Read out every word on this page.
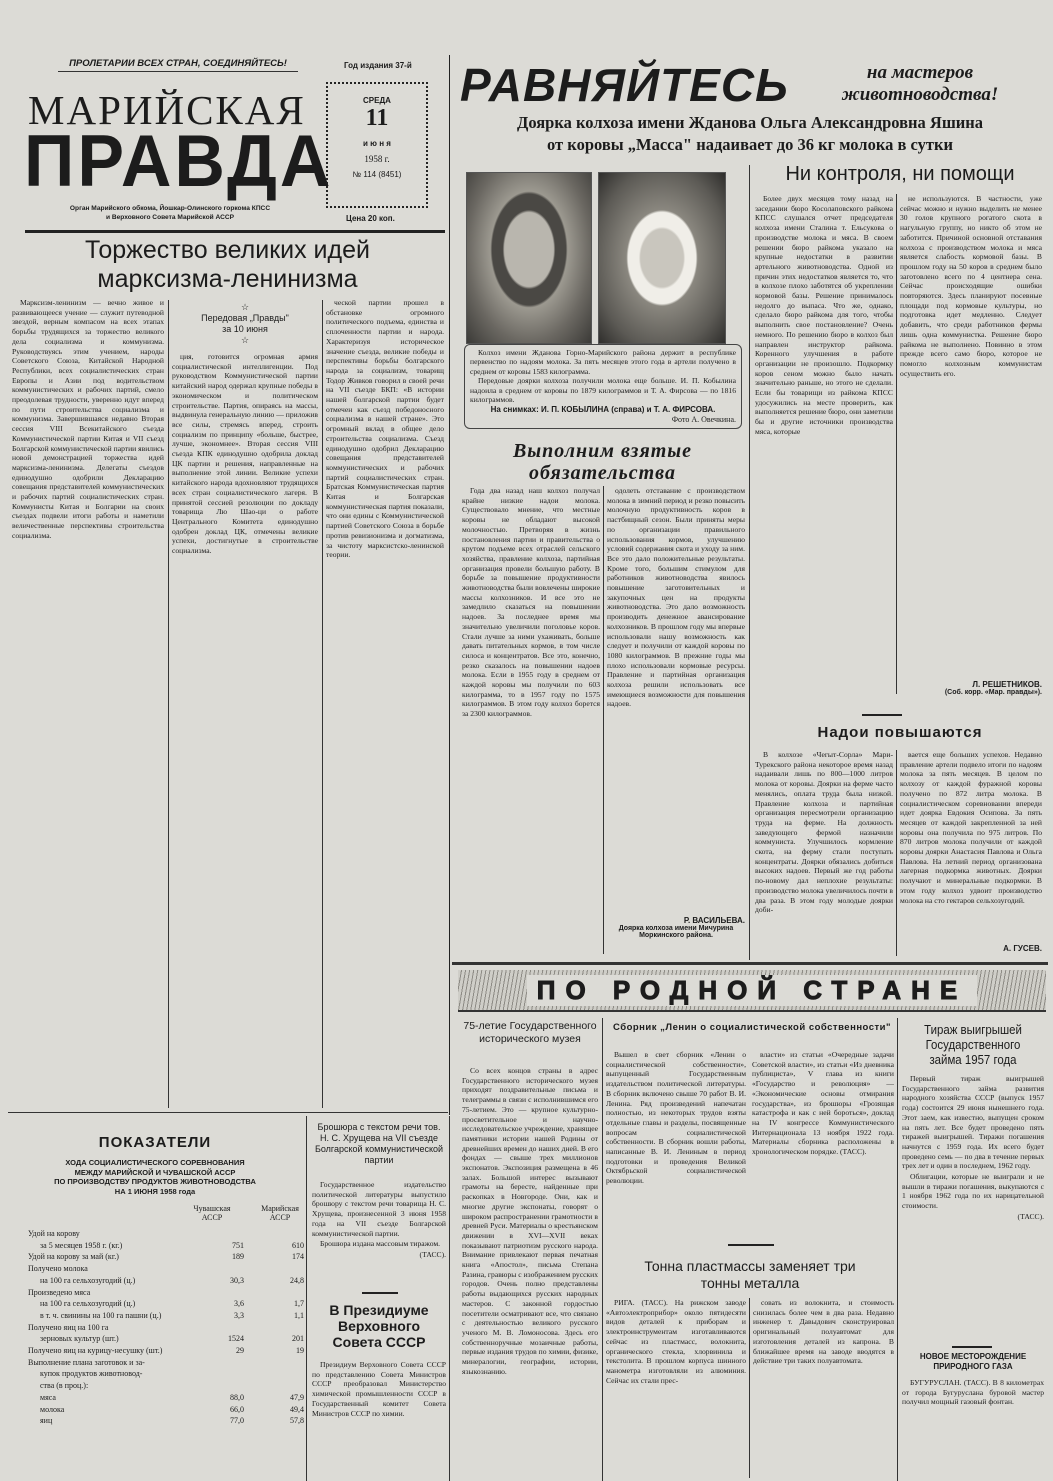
ПРОЛЕТАРИИ ВСЕХ СТРАН, СОЕДИНЯЙТЕСЬ!	Год издания 37-й
МАРИЙСКАЯ
ПРАВДА
Орган Марийского обкома, Йошкар-Олинского горкома КПСС
и Верховного Совета Марийской АССР
СРЕДА
11
и ю н я
1958 г.
№ 114 (8451)
Цена 20 коп.
Торжество великих идей
марксизма-ленинизма

Марксизм-ленинизм — вечно живое и развивающееся учение — служит путеводной звездой, верным компасом на всех этапах борьбы трудящихся за торжество великого дела социализма и коммунизма. Руководствуясь этим учением, народы Советского Союза, Китайской Народной Республики, всех социалистических стран Европы и Азии под водительством коммунистических и рабочих партий, смело преодолевая трудности, уверенно идут вперед по пути строительства социализма и коммунизма. Завершившаяся недавно Вторая сессия VIII Всекитайского съезда Коммунистической партии Китая и VII съезд Болгарской коммунистической партии явились новой демонстрацией торжества идей марксизма-ленинизма. Делегаты съездов единодушно одобрили Декларацию совещания представителей коммунистических и рабочих партий социалистических стран. Коммунисты Китая и Болгарии на своих съездах подвели итоги работы и наметили величественные перспективы строительства социализма.

☆
Передовая „Правды"
за 10 июня
☆

ция, готовится огромная армия социалистической интеллигенции. Под руководством Коммунистической партии китайский народ одержал крупные победы в экономическом и политическом строительстве. Партия, опираясь на массы, выдвинула генеральную линию — приложив все силы, стремясь вперед, строить социализм по принципу «больше, быстрее, лучше, экономнее». Вторая сессия VIII съезда КПК единодушно одобрила доклад ЦК партии и решения, направленные на выполнение этой линии. Великие успехи китайского народа вдохновляют трудящихся всех стран социалистического лагеря. В принятой сессией резолюции по докладу товарища Лю Шао-ци о работе Центрального Комитета единодушно одобрен доклад ЦК, отмечены великие успехи, достигнутые в строительстве социализма.

ческой партии прошел в обстановке огромного политического подъема, единства и сплоченности партии и народа. Характеризуя историческое значение съезда, великие победы и перспективы борьбы болгарского народа за социализм, товарищ Тодор Живков говорил в своей речи на VII съезде БКП: «В истории нашей болгарской партии будет отмечен как съезд победоносного социализма в нашей стране». Это огромный вклад в общее дело строительства социализма. Съезд единодушно одобрил Декларацию совещания представителей коммунистических и рабочих партий социалистических стран. Братская Коммунистическая партия Китая и Болгарская коммунистическая партия показали, что они едины с Коммунистической партией Советского Союза в борьбе против ревизионизма и догматизма, за чистоту марксистско-ленинской теории.

ПОКАЗАТЕЛИ
ХОДА СОЦИАЛИСТИЧЕСКОГО СОРЕВНОВАНИЯ
МЕЖДУ МАРИЙСКОЙ И ЧУВАШСКОЙ АССР
ПО ПРОИЗВОДСТВУ ПРОДУКТОВ ЖИВОТНОВОДСТВА
НА 1 ИЮНЯ 1958 года
Чувашская АССР
Марийская АССР
Удой на корову
за 5 месяцев 1958 г. (кг.)	751	610
Удой на корову за май (кг.)	189	174
Получено молока
на 100 га сельхозугодий (ц.)	30,3	24,8
Произведено мяса
на 100 га сельхозугодий (ц.)	3,6	1,7
в т. ч. свинины на 100 га пашни (ц.)	3,3	1,1
Получено яиц на 100 га
зерновых культур (шт.)	1524	201
Получено яиц на курицу-несушку (шт.)	29	19
Выполнение плана заготовок и за-
купок продуктов животновод-
ства (в проц.):
мяса	88,0	47,9
молока	66,0	49,4
яиц	77,0	57,8
Брошюра с текстом речи тов. Н. С. Хрущева на VII съезде Болгарской коммунистической партии

Государственное издательство политической литературы выпустило брошюру с текстом речи товарища Н. С. Хрущева, произнесенной 3 июня 1958 года на VII съезде Болгарской коммунистической партии.

Брошюра издана массовым тиражом.

(ТАСС).
В Президиуме Верховного Совета СССР

Президиум Верховного Совета СССР по представлению Совета Министров СССР преобразовал Министерство химической промышленности СССР в Государственный комитет Совета Министров СССР по химии.

РАВНЯЙТЕСЬ	на мастеров
животноводства!
Доярка колхоза имени Жданова Ольга Александровна Яшина
от коровы „Масса" надаивает до 36 кг молока в сутки

Колхоз имени Жданова Горно-Марийского района держит в республике первенство по надоям молока. За пять месяцев этого года в артели получено в среднем от коровы 1583 килограмма.

Передовые доярки колхоза получили молока еще больше. И. П. Кобылина надоила в среднем от коровы по 1879 килограммов и Т. А. Фирсова — по 1816 килограммов.

На снимках: И. П. КОБЫЛИНА (справа) и Т. А. ФИРСОВА.
Фото А. Овечкина.
Выполним взятые
обязательства

Года два назад наш колхоз получал крайне низкие надои молока. Существовало мнение, что местные коровы не обладают высокой молочностью. Претворяя в жизнь постановления партии и правительства о крутом подъеме всех отраслей сельского хозяйства, правление колхоза, партийная организация провели большую работу. В борьбе за повышение продуктивности животноводства были вовлечены широкие массы колхозников. И все это не замедлило сказаться на повышении надоев. За последнее время мы значительно увеличили поголовье коров. Стали лучше за ними ухаживать, больше давать питательных кормов, в том числе силоса и концентратов. Все это, конечно, резко сказалось на повышении надоев молока. Если в 1955 году в среднем от каждой коровы мы получили по 603 килограмма, то в 1957 году по 1575 килограммов. В этом году колхоз борется за 2300 килограммов.

одолеть отставание с производством молока в зимний период и резко повысить молочную продуктивность коров в пастбищный сезон. Были приняты меры по организации правильного использования кормов, улучшению условий содержания скота и уходу за ним. Все это дало положительные результаты. Кроме того, большим стимулом для работников животноводства явилось повышение заготовительных и закупочных цен на продукты животноводства. Это дало возможность производить денежное авансирование колхозников. В прошлом году мы впервые использовали нашу возможность как следует и получили от каждой коровы по 1080 килограммов. В прежние годы мы плохо использовали кормовые ресурсы. Правление и партийная организация колхоза решили использовать все имеющиеся возможности для повышения надоев.

Р. ВАСИЛЬЕВА.
Доярка колхоза имени Мичурина Моркинского района.
Ни контроля, ни помощи

Более двух месяцев тому назад на заседании бюро Косолаповского райкома КПСС слушался отчет председателя колхоза имени Сталина т. Ельсукова о производстве молока и мяса. В своем решении бюро райкома указало на крупные недостатки в развитии артельного животноводства. Одной из причин этих недостатков является то, что в колхозе плохо заботятся об укреплении кормовой базы. Решение принималось недолго до выпаса. Что же, однако, сделало бюро райкома для того, чтобы выполнить свое постановление? Очень немного. По решению бюро в колхоз был направлен инструктор райкома. Коренного улучшения в работе организации не произошло. Подкормку коров сеном можно было начать значительно раньше, но этого не сделали. Если бы товарищи из райкома КПСС удосужились на месте проверить, как выполняется решение бюро, они заметили бы и другие источники производства мяса, которые

не используются. В частности, уже сейчас можно и нужно выделить не менее 30 голов крупного рогатого скота в нагульную группу, но никто об этом не заботится. Причиной основной отставания колхоза с производством молока и мяса является слабость кормовой базы. В прошлом году на 50 коров в среднем было заготовлено всего по 4 центнера сена. Сейчас происходящие ошибки повторяются. Здесь планируют посевные площади под кормовые культуры, но подготовка идет медленно. Следует добавить, что среди работников фермы лишь одна коммунистка. Решение бюро райкома не выполнено. Повинно в этом прежде всего само бюро, которое не помогло колхозным коммунистам осуществить его.

Л. РЕШЕТНИКОВ.
(Соб. корр. «Мар. правды»).
Надои повышаются

В колхозе «Чегыт-Сорла» Мари-Турекского района некоторое время назад надаивали лишь по 800—1000 литров молока от коровы. Доярки на ферме часто менялись, оплата труда была низкой. Правление колхоза и партийная организация пересмотрели организацию труда на ферме. На должность заведующего фермой назначили коммуниста. Улучшилось кормление скота, на ферму стали поступать концентраты. Доярки обязались добиться высоких надоев. Первый же год работы по-новому дал неплохие результаты: производство молока увеличилось почти в два раза. В этом году молодые доярки доби-

вается еще больших успехов. Недавно правление артели подвело итоги по надоям молока за пять месяцев. В целом по колхозу от каждой фуражной коровы получено по 872 литра молока. В социалистическом соревновании впереди идет доярка Евдокия Осипова. За пять месяцев от каждой закрепленной за ней коровы она получила по 975 литров. По 870 литров молока получили от каждой коровы доярки Анастасия Павлова и Ольга Павлова. На летний период организована лагерная подкормка животных. Доярки получают и минеральные подкормки. В этом году колхоз удвоит производство молока на сто гектаров сельхозугодий.

А. ГУСЕВ.
ПО РОДНОЙ СТРАНЕ
75-летие Государственного исторического музея

Со всех концов страны в адрес Государственного исторического музея приходят поздравительные письма и телеграммы в связи с исполнившимся его 75-летием. Это — крупное культурно-просветительное и научно-исследовательское учреждение, хранящее памятники истории нашей Родины от древнейших времен до наших дней. В его фондах — свыше трех миллионов экспонатов. Экспозиция размещена в 46 залах. Большой интерес вызывают грамоты на бересте, найденные при раскопках в Новгороде. Они, как и многие другие экспонаты, говорят о широком распространении грамотности в древней Руси. Материалы о крестьянском движении в XVI—XVII веках показывают патриотизм русского народа. Внимание привлекают первая печатная книга «Апостол», письма Степана Разина, гравюры с изображением русских городов. Очень полно представлены работы выдающихся русских народных мастеров. С законной гордостью посетители осматривают все, что связано с деятельностью великого русского ученого М. В. Ломоносова. Здесь его собственноручные мозаичные работы, первые издания трудов по химии, физике, минералогии, географии, истории, языкознанию.

Сборник „Ленин о социалистической собственности"

Вышел в свет сборник «Ленин о социалистической собственности», выпущенный Государственным издательством политической литературы. В сборник включено свыше 70 работ В. И. Ленина. Ряд произведений напечатан полностью, из некоторых трудов взяты отдельные главы и разделы, посвященные вопросам социалистической собственности. В сборник вошли работы, написанные В. И. Лениным в период подготовки и проведения Великой Октябрьской социалистической революции.

власти» из статьи «Очередные задачи Советской власти», из статьи «Из дневника публициста», V глава из книги «Государство и революция» — «Экономические основы отмирания государства», из брошюры «Грозящая катастрофа и как с ней бороться», доклад на IV конгрессе Коммунистического Интернационала 13 ноября 1922 года. Материалы сборника расположены в хронологическом порядке. (ТАСС).

Тонна пластмассы заменяет три тонны металла

РИГА. (ТАСС). На рижском заводе «Автоэлектроприбор» около пятидесяти видов деталей к приборам и электроинструментам изготавливаются сейчас из пластмасс, волокнита, органического стекла, хлорвинила и текстолита. В прошлом корпуса шинного манометра изготовляли из алюминия. Сейчас их стали прес-

совать из волокнита, и стоимость снизилась более чем в два раза. Недавно инженер т. Давыдович сконструировал оригинальный полуавтомат для изготовления деталей из капрона. В ближайшее время на заводе вводятся в действие три таких полуавтомата.

Тираж выигрышей Государственного займа 1957 года

Первый тираж выигрышей Государственного займа развития народного хозяйства СССР (выпуск 1957 года) состоится 29 июня нынешнего года. Этот заем, как известно, выпущен сроком на пять лет. Все будет проведено пять тиражей выигрышей. Тиражи погашения начнутся с 1959 года. Их всего будет проведено семь — по два в течение первых трех лет и один в последнем, 1962 году.

Облигации, которые не выиграли и не вышли в тиражи погашения, выкупаются с 1 ноября 1962 года по их нарицательной стоимости.

(ТАСС).
НОВОЕ МЕСТОРОЖДЕНИЕ ПРИРОДНОГО ГАЗА

БУГУРУСЛАН. (ТАСС). В 8 километрах от города Бугуруслана буровой мастер получил мощный газовый фонтан.
